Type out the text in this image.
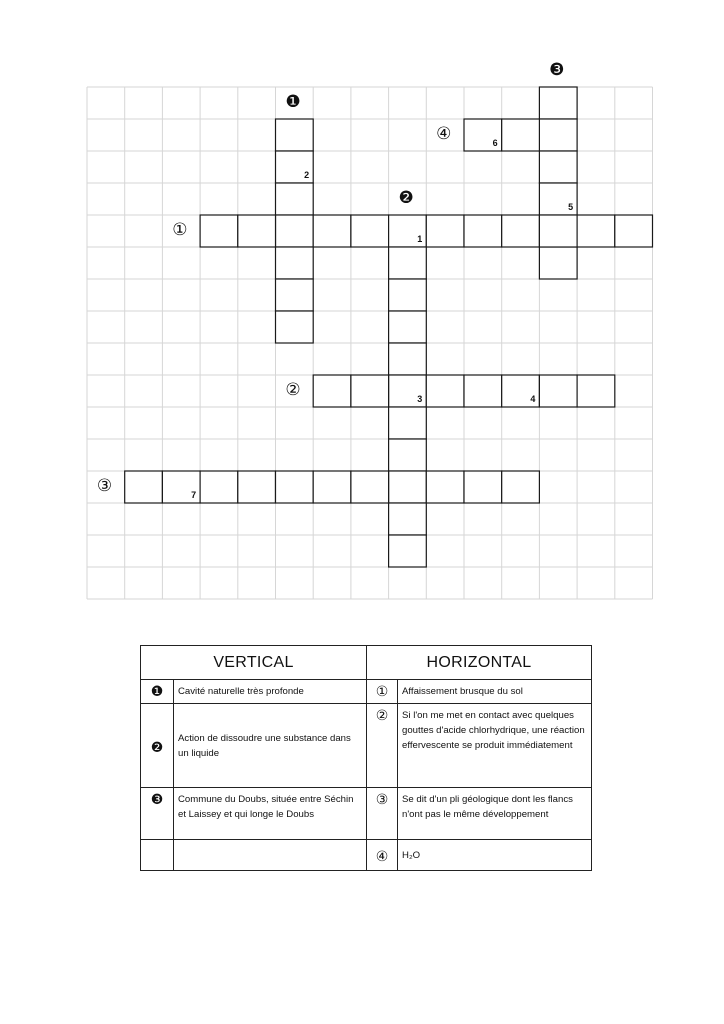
2
1
3	4
5
6
7
❶
❷
❸
①
②
③
④
VERTICAL		HORIZONTAL	
❶	Cavité naturelle très profonde	①	Affaissement brusque du sol
❷	Action de dissoudre une substance dans un liquide	②	Si l'on me met en contact avec quelques gouttes d'acide chlorhydrique, une réaction effervescente se produit immédiatement
❸	Commune du Doubs, située entre Séchin et Laissey et qui longe le Doubs	③	Se dit d'un pli géologique dont les flancs n'ont pas le même développement
		④	H₂O
